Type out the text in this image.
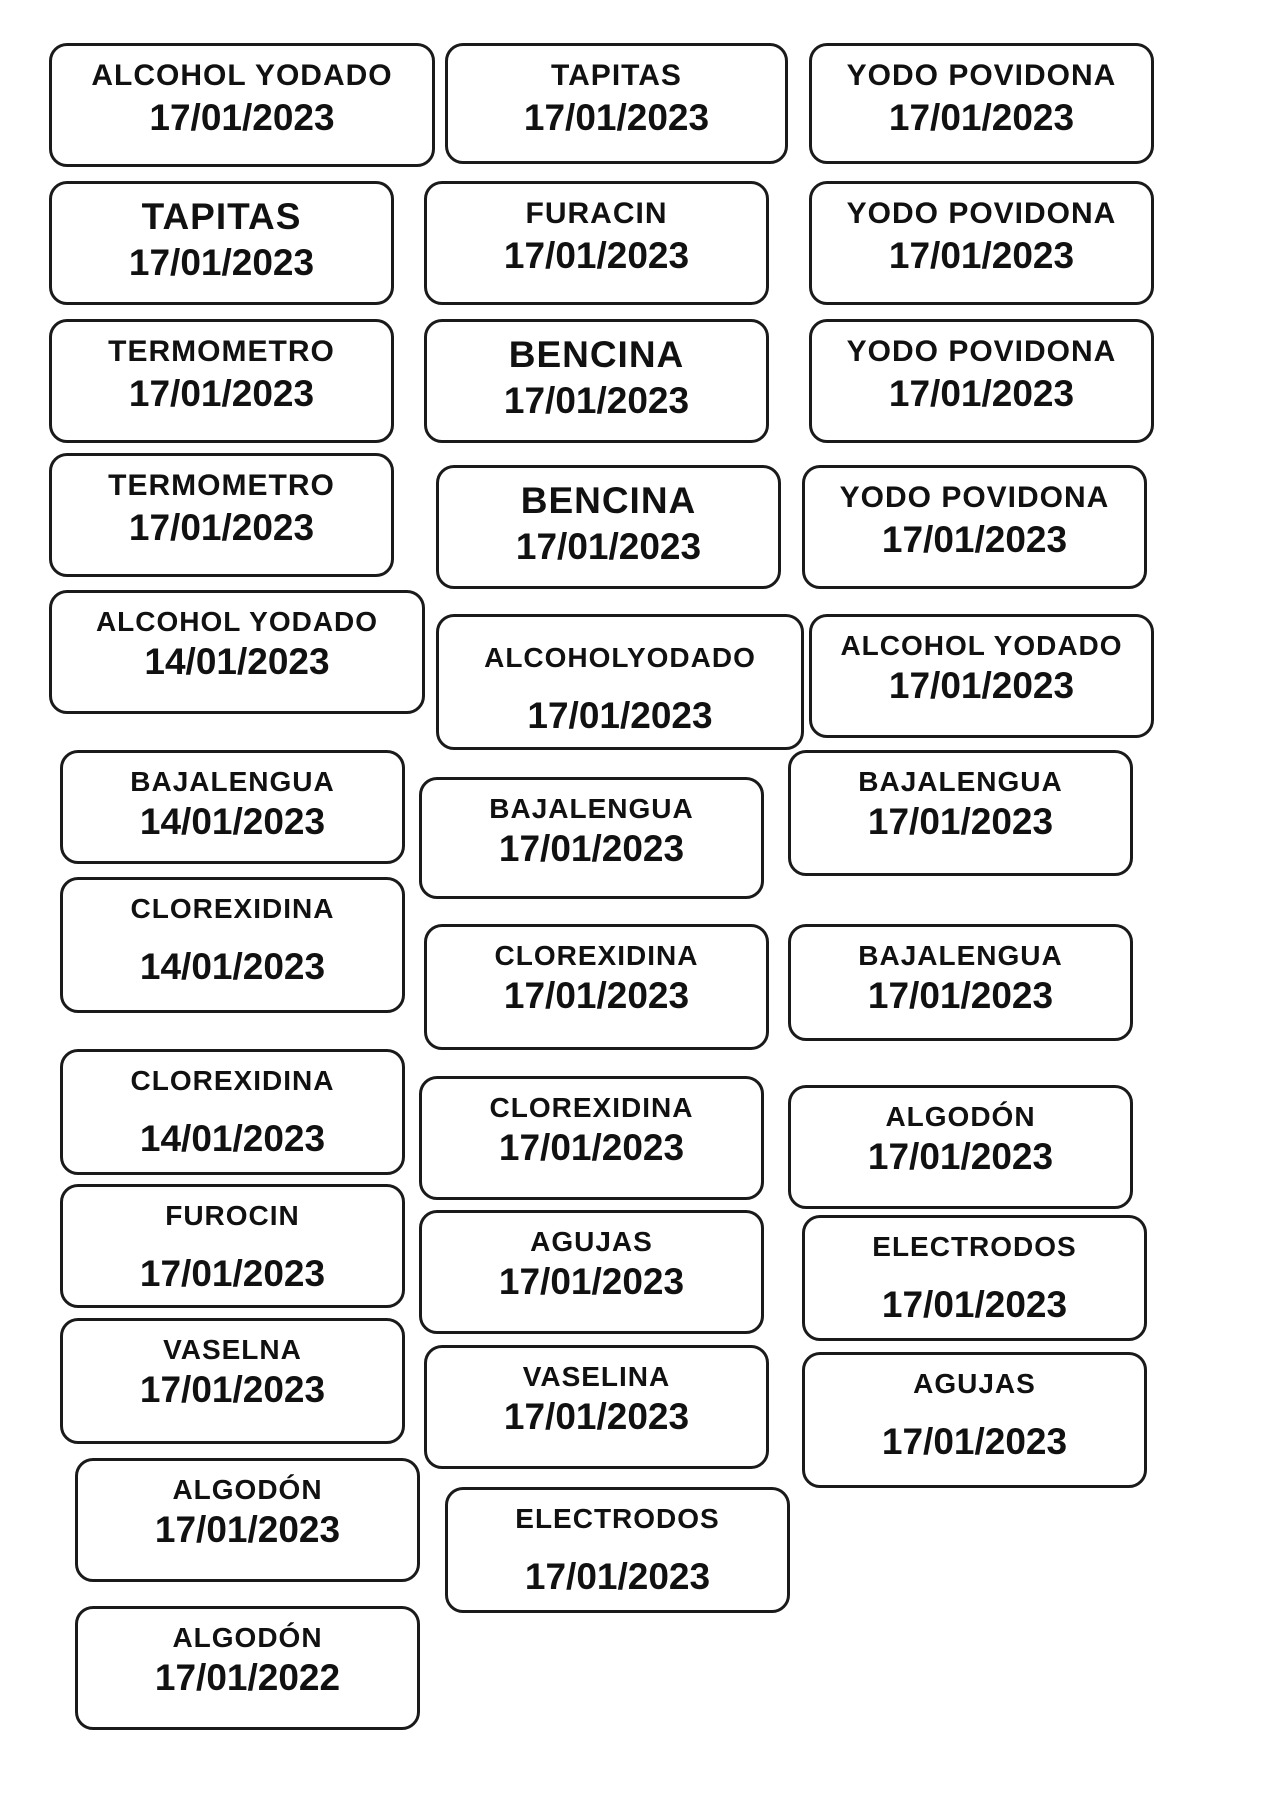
ALCOHOL YODADO
17/01/2023
TAPITAS
17/01/2023
YODO POVIDONA
17/01/2023
TAPITAS
17/01/2023
FURACIN
17/01/2023
YODO POVIDONA
17/01/2023
TERMOMETRO
17/01/2023
BENCINA
17/01/2023
YODO POVIDONA
17/01/2023
TERMOMETRO
17/01/2023
BENCINA
17/01/2023
YODO POVIDONA
17/01/2023
ALCOHOL YODADO
14/01/2023	ALCOHOLYODADO
17/01/2023
ALCOHOL YODADO
17/01/2023
BAJALENGUA
14/01/2023	BAJALENGUA
17/01/2023
BAJALENGUA
17/01/2023
CLOREXIDINA
14/01/2023	CLOREXIDINA
17/01/2023
BAJALENGUA
17/01/2023
CLOREXIDINA
14/01/2023
CLOREXIDINA
17/01/2023
ALGODÓN
17/01/2023
FUROCIN
17/01/2023
AGUJAS
17/01/2023
ELECTRODOS
17/01/2023
VASELNA
17/01/2023	VASELINA
17/01/2023
AGUJAS
17/01/2023
ALGODÓN
17/01/2023	ELECTRODOS
17/01/2023
ALGODÓN
17/01/2022
